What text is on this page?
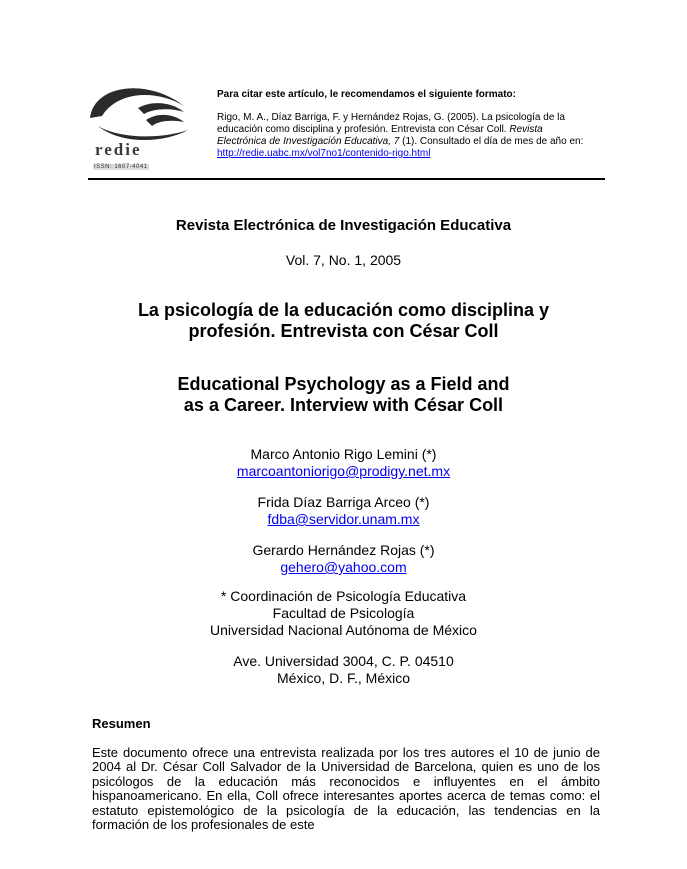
redie
ISSN: 1607-4041
Para citar este artículo, le recomendamos el siguiente formato:
Rigo, M. A., Díaz Barriga, F. y Hernández Rojas, G. (2005). La psicología de la
educación como disciplina y profesión. Entrevista con César Coll. Revista
Electrónica de Investigación Educativa, 7 (1). Consultado el día de mes de año en:
http://redie.uabc.mx/vol7no1/contenido-rigo.html
Revista Electrónica de Investigación Educativa
Vol. 7, No. 1, 2005
La psicología de la educación como disciplina y
profesión. Entrevista con César Coll
Educational Psychology as a Field and
as a Career. Interview with César Coll
Marco Antonio Rigo Lemini (*)
marcoantoniorigo@prodigy.net.mx
Frida Díaz Barriga Arceo (*)
fdba@servidor.unam.mx
Gerardo Hernández Rojas (*)
gehero@yahoo.com
* Coordinación de Psicología Educativa
Facultad de Psicología
Universidad Nacional Autónoma de México
Ave. Universidad 3004, C. P. 04510
México, D. F., México
Resumen
Este documento ofrece una entrevista realizada por los tres autores el 10 de junio de 2004 al Dr. César Coll Salvador de la Universidad de Barcelona, quien es uno de los psicólogos de la educación más reconocidos e influyentes en el ámbito hispanoamericano. En ella, Coll ofrece interesantes aportes acerca de temas como: el estatuto epistemológico de la psicología de la educación, las tendencias en la formación de los profesionales de este
